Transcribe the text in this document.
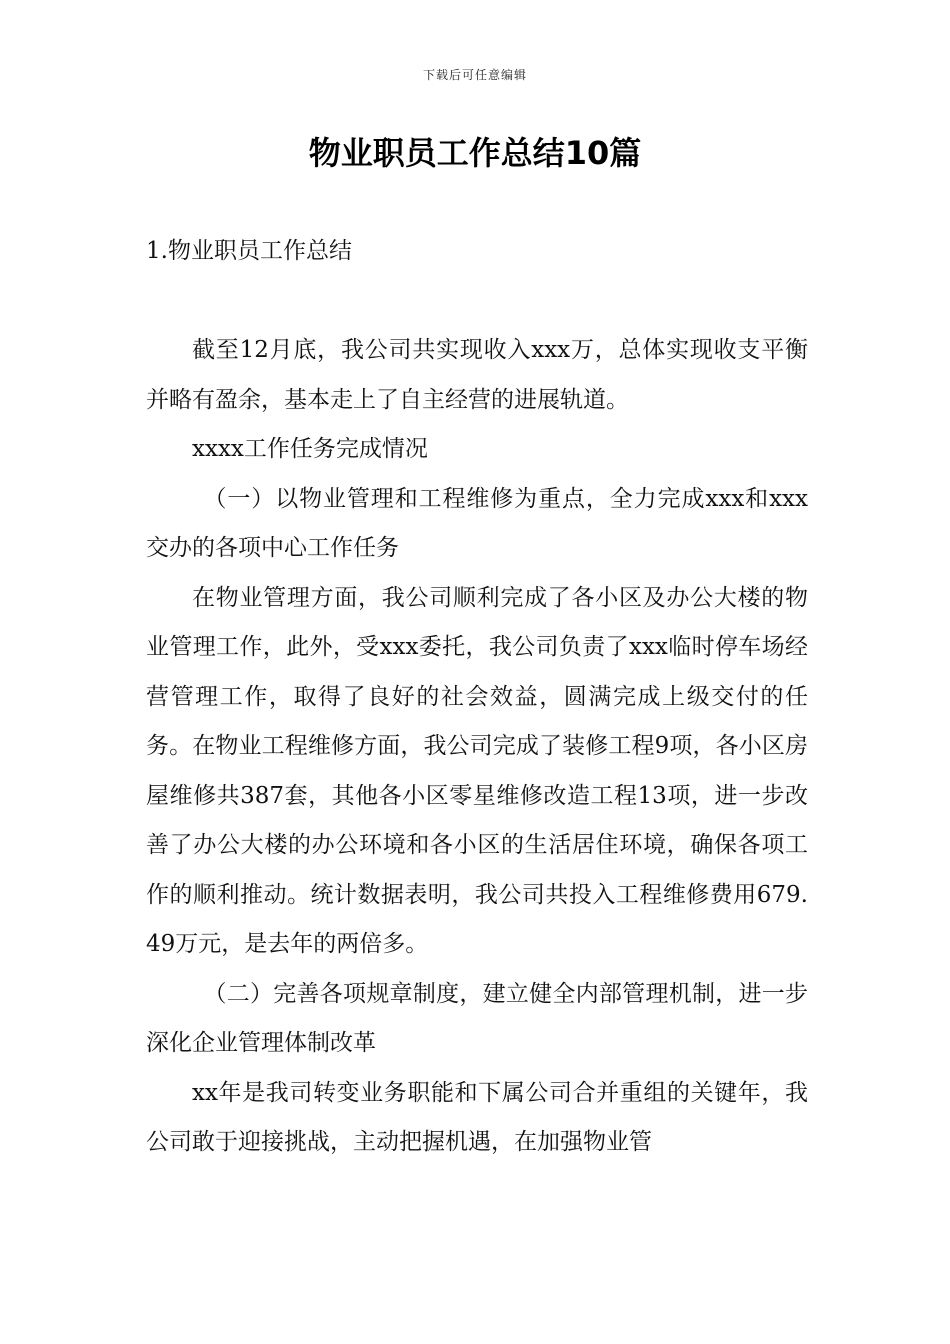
下载后可任意编辑
物业职员工作总结10篇
1.物业职员工作总结

截至12月底，我公司共实现收入xxx万，总体实现收支平衡并略有盈余，基本走上了自主经营的进展轨道。

xxxx工作任务完成情况

（一）以物业管理和工程维修为重点，全力完成xxx和xxx交办的各项中心工作任务

在物业管理方面，我公司顺利完成了各小区及办公大楼的物业管理工作，此外，受xxx委托，我公司负责了xxx临时停车场经营管理工作，取得了良好的社会效益，圆满完成上级交付的任务。在物业工程维修方面，我公司完成了装修工程9项，各小区房屋维修共387套，其他各小区零星维修改造工程13项，进一步改善了办公大楼的办公环境和各小区的生活居住环境，确保各项工作的顺利推动。统计数据表明，我公司共投入工程维修费用679.49万元，是去年的两倍多。

（二）完善各项规章制度，建立健全内部管理机制，进一步深化企业管理体制改革

xx年是我司转变业务职能和下属公司合并重组的关键年，我公司敢于迎接挑战，主动把握机遇，在加强物业管
